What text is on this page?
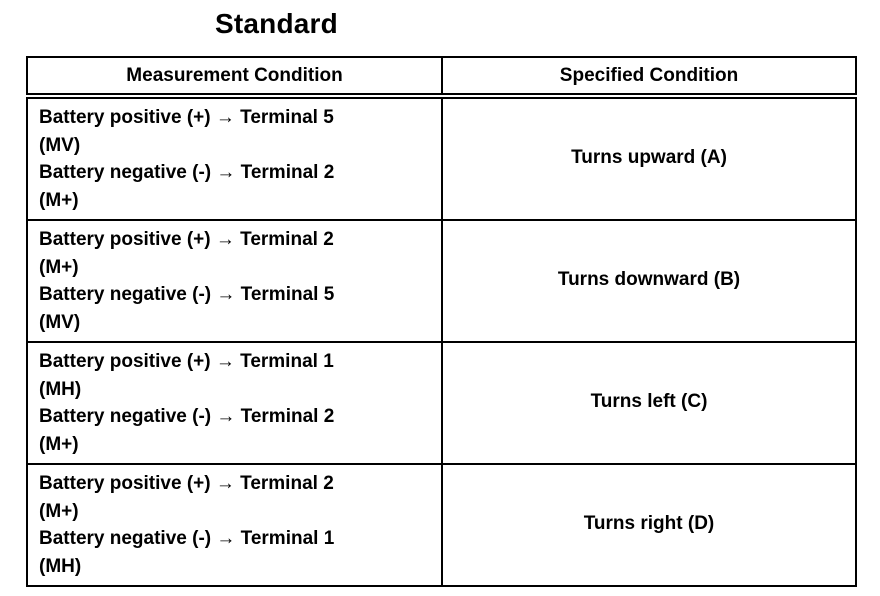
Standard
Measurement Condition	Specified Condition

Battery positive (+) → Terminal 5
(MV)
Battery negative (-) → Terminal 2
(M+)	Turns upward (A)

Battery positive (+) → Terminal 2
(M+)
Battery negative (-) → Terminal 5
(MV)	Turns downward (B)

Battery positive (+) → Terminal 1
(MH)
Battery negative (-) → Terminal 2
(M+)	Turns left (C)

Battery positive (+) → Terminal 2
(M+)
Battery negative (-) → Terminal 1
(MH)	Turns right (D)
